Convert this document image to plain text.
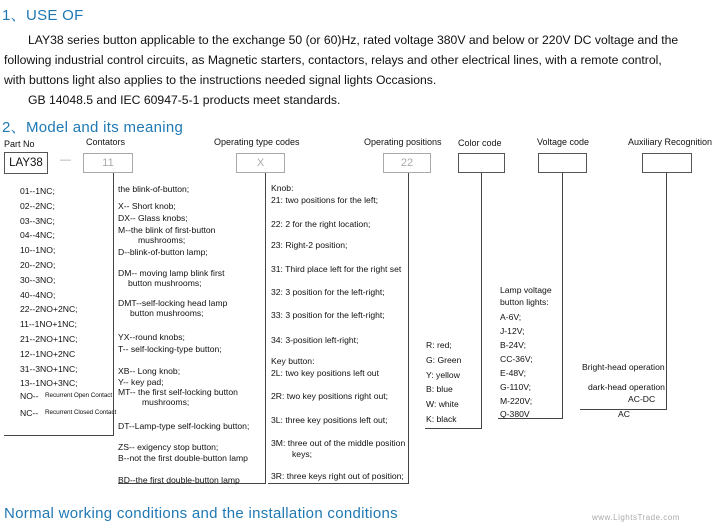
1、USE OF
LAY38 series button applicable to the exchange 50 (or 60)Hz, rated voltage 380V and below or 220V DC voltage and the
following industrial control circuits, as Magnetic starters, contactors, relays and other electrical lines, with a remote control,
with buttons light also applies to the instructions needed signal lights Occasions.
GB 14048.5 and IEC 60947-5-1 products meet standards.
2、Model and its meaning
Part No	Contators	Operating type codes	Operating positions Color code	Voltage code	Auxiliary Recognition
LAY38	—	11	X	22
01--1NC;
02--2NC;
03--3NC;
04--4NC;
10--1NO;
20--2NO;
30--3NO;
40--4NO;
22--2NO+2NC;
11--1NO+1NC;
21--2NO+1NC;
12--1NO+2NC
31--3NO+1NC;
13--1NO+3NC;
NO-- Recurrent Open Contact
NC-- Recurrent Closed Contact
the blink-of-button;
X-- Short knob;
DX-- Glass knobs;
M--the blink of first-button
mushrooms;
D--blink-of-button lamp;
DM-- moving lamp blink first
button mushrooms;
DMT--self-locking head lamp
button mushrooms;
YX--round knobs;
T-- self-locking-type button;
XB-- Long knob;
Y-- key pad;
MT-- the first self-locking button
mushrooms;
DT--Lamp-type self-locking button;
ZS-- exigency stop button;
B--not the first double-button lamp
BD--the first double-button lamp
Knob:
21: two positions for the left;
22: 2 for the right location;
23: Right-2 position;
31: Third place left for the right set
32: 3 position for the left-right;
33: 3 position for the left-right;
34: 3-position left-right;
Key button:
2L: two key positions left out
2R: two key positions right out;
3L: three key positions left out;
3M: three out of the middle position
keys;
3R: three keys right out of position;
R: red;
G: Green
Y: yellow
B: blue
W: white
K: black
Lamp voltage
button lights:
A-6V;
J-12V;
B-24V;
CC-36V;
E-48V;
G-110V;
M-220V;
Q-380V
Bright-head operation
dark-head operation
AC-DC
AC
Normal working conditions and the installation conditions	www.LightsTrade.com
